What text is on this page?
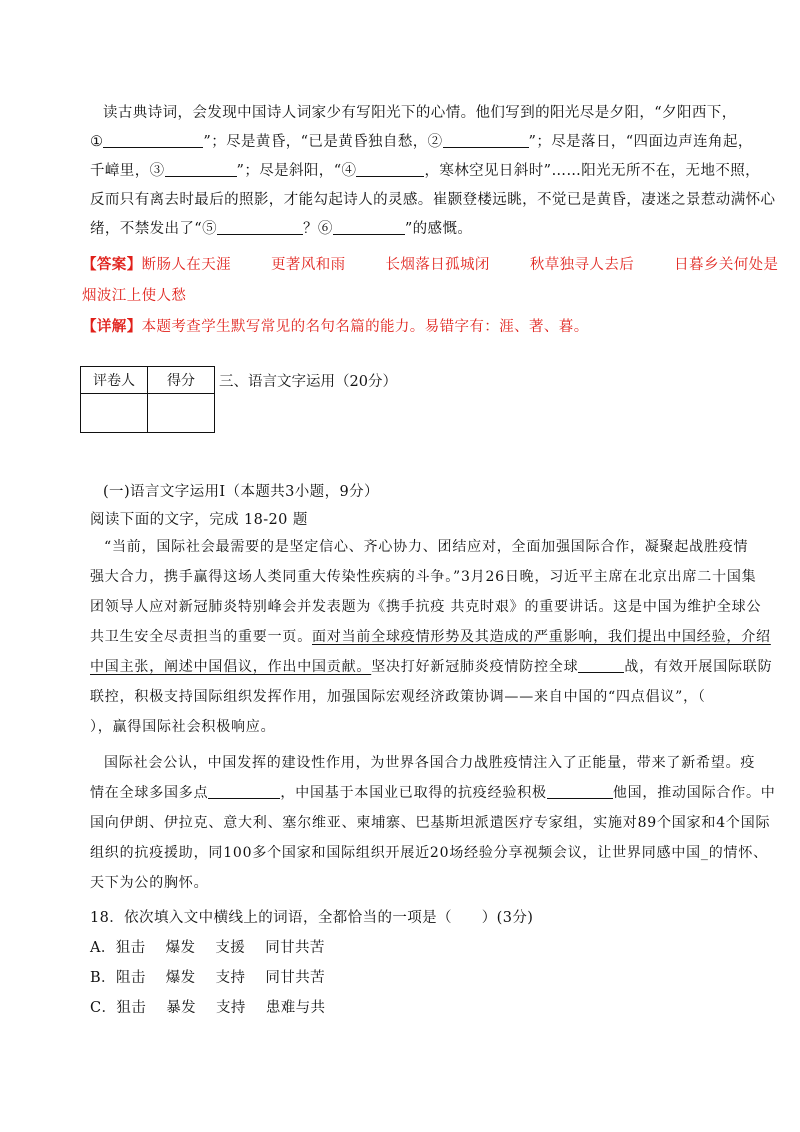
读古典诗词，会发现中国诗人词家少有写阳光下的心情。他们写到的阳光尽是夕阳，“夕阳西下，
①	”；尽是黄昏，“已是黄昏独自愁，②	”；尽是落日，“四面边声连角起，
千嶂里，③	”；尽是斜阳，“④	，寒林空见日斜时”……阳光无所不在，无地不照，
反而只有离去时最后的照影，才能勾起诗人的灵感。崔颢登楼远眺，不觉已是黄昏，凄迷之景惹动满怀心
绪，不禁发出了“⑤	？⑥	”的感慨。
【答案】断肠人在天涯	更著风和雨	长烟落日孤城闭	秋草独寻人去后	日暮乡关何处是
烟波江上使人愁
【详解】本题考查学生默写常见的名句名篇的能力。易错字有：涯、著、暮。
评卷人	得分
	三、语言文字运用（20分）
(一)语言文字运用Ⅰ（本题共3小题，9分）
阅读下面的文字，完成 18-20 题
“当前，国际社会最需要的是坚定信心、齐心协力、团结应对，全面加强国际合作，凝聚起战胜疫情
强大合力，携手赢得这场人类同重大传染性疾病的斗争。”3月26日晚，习近平主席在北京出席二十国集
团领导人应对新冠肺炎特别峰会并发表题为《携手抗疫 共克时艰》的重要讲话。这是中国为维护全球公
共卫生安全尽责担当的重要一页。面对当前全球疫情形势及其造成的严重影响，我们提出中国经验，介绍
中国主张，阐述中国倡议，作出中国贡献。坚决打好新冠肺炎疫情防控全球	战，有效开展国际联防
联控，积极支持国际组织发挥作用，加强国际宏观经济政策协调——来自中国的“四点倡议”，（
），赢得国际社会积极响应。
国际社会公认，中国发挥的建设性作用，为世界各国合力战胜疫情注入了正能量，带来了新希望。疫
情在全球多国多点	，中国基于本国业已取得的抗疫经验积极	他国，推动国际合作。中
国向伊朗、伊拉克、意大利、塞尔维亚、柬埔寨、巴基斯坦派遣医疗专家组，实施对89个国家和4个国际
组织的抗疫援助，同100多个国家和国际组织开展近20场经验分享视频会议，让世界同感中国_的情怀、
天下为公的胸怀。
18．依次填入文中横线上的词语，全都恰当的一项是（　　）(3分)
A．狙击 爆发 支援 同甘共苦
B．阻击 爆发 支持 同甘共苦
C．狙击 暴发 支持 患难与共
